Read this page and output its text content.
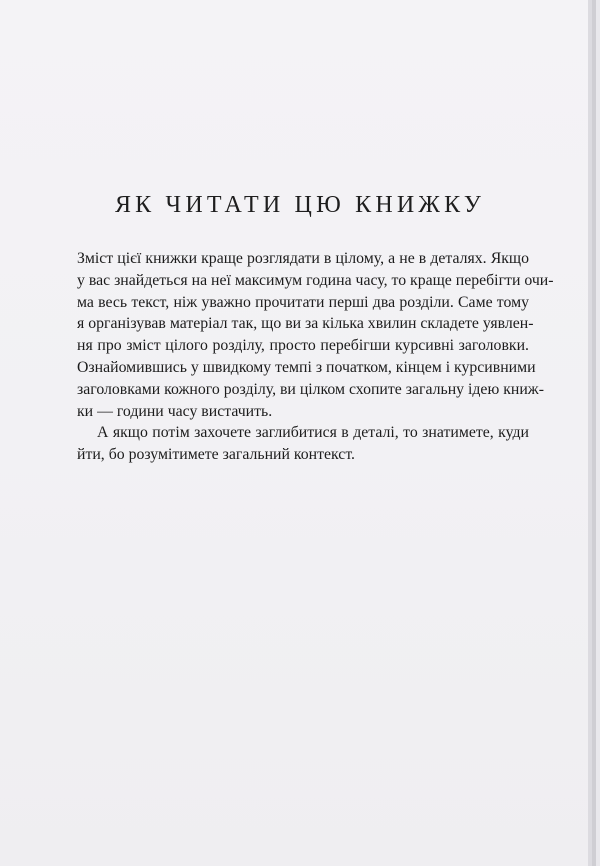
ЯК ЧИТАТИ ЦЮ КНИЖКУ
Зміст цієї книжки краще розглядати в цілому, а не в деталях. Якщо
у вас знайдеться на неї максимум година часу, то краще перебігти очи-
ма весь текст, ніж уважно прочитати перші два розділи. Саме тому
я організував матеріал так, що ви за кілька хвилин складете уявлен-
ня про зміст цілого розділу, просто перебігши курсивні заголовки.
Ознайомившись у швидкому темпі з початком, кінцем і курсивними
заголовками кожного розділу, ви цілком схопите загальну ідею книж-
ки — години часу вистачить.
А якщо потім захочете заглибитися в деталі, то знатимете, куди
йти, бо розумітимете загальний контекст.
